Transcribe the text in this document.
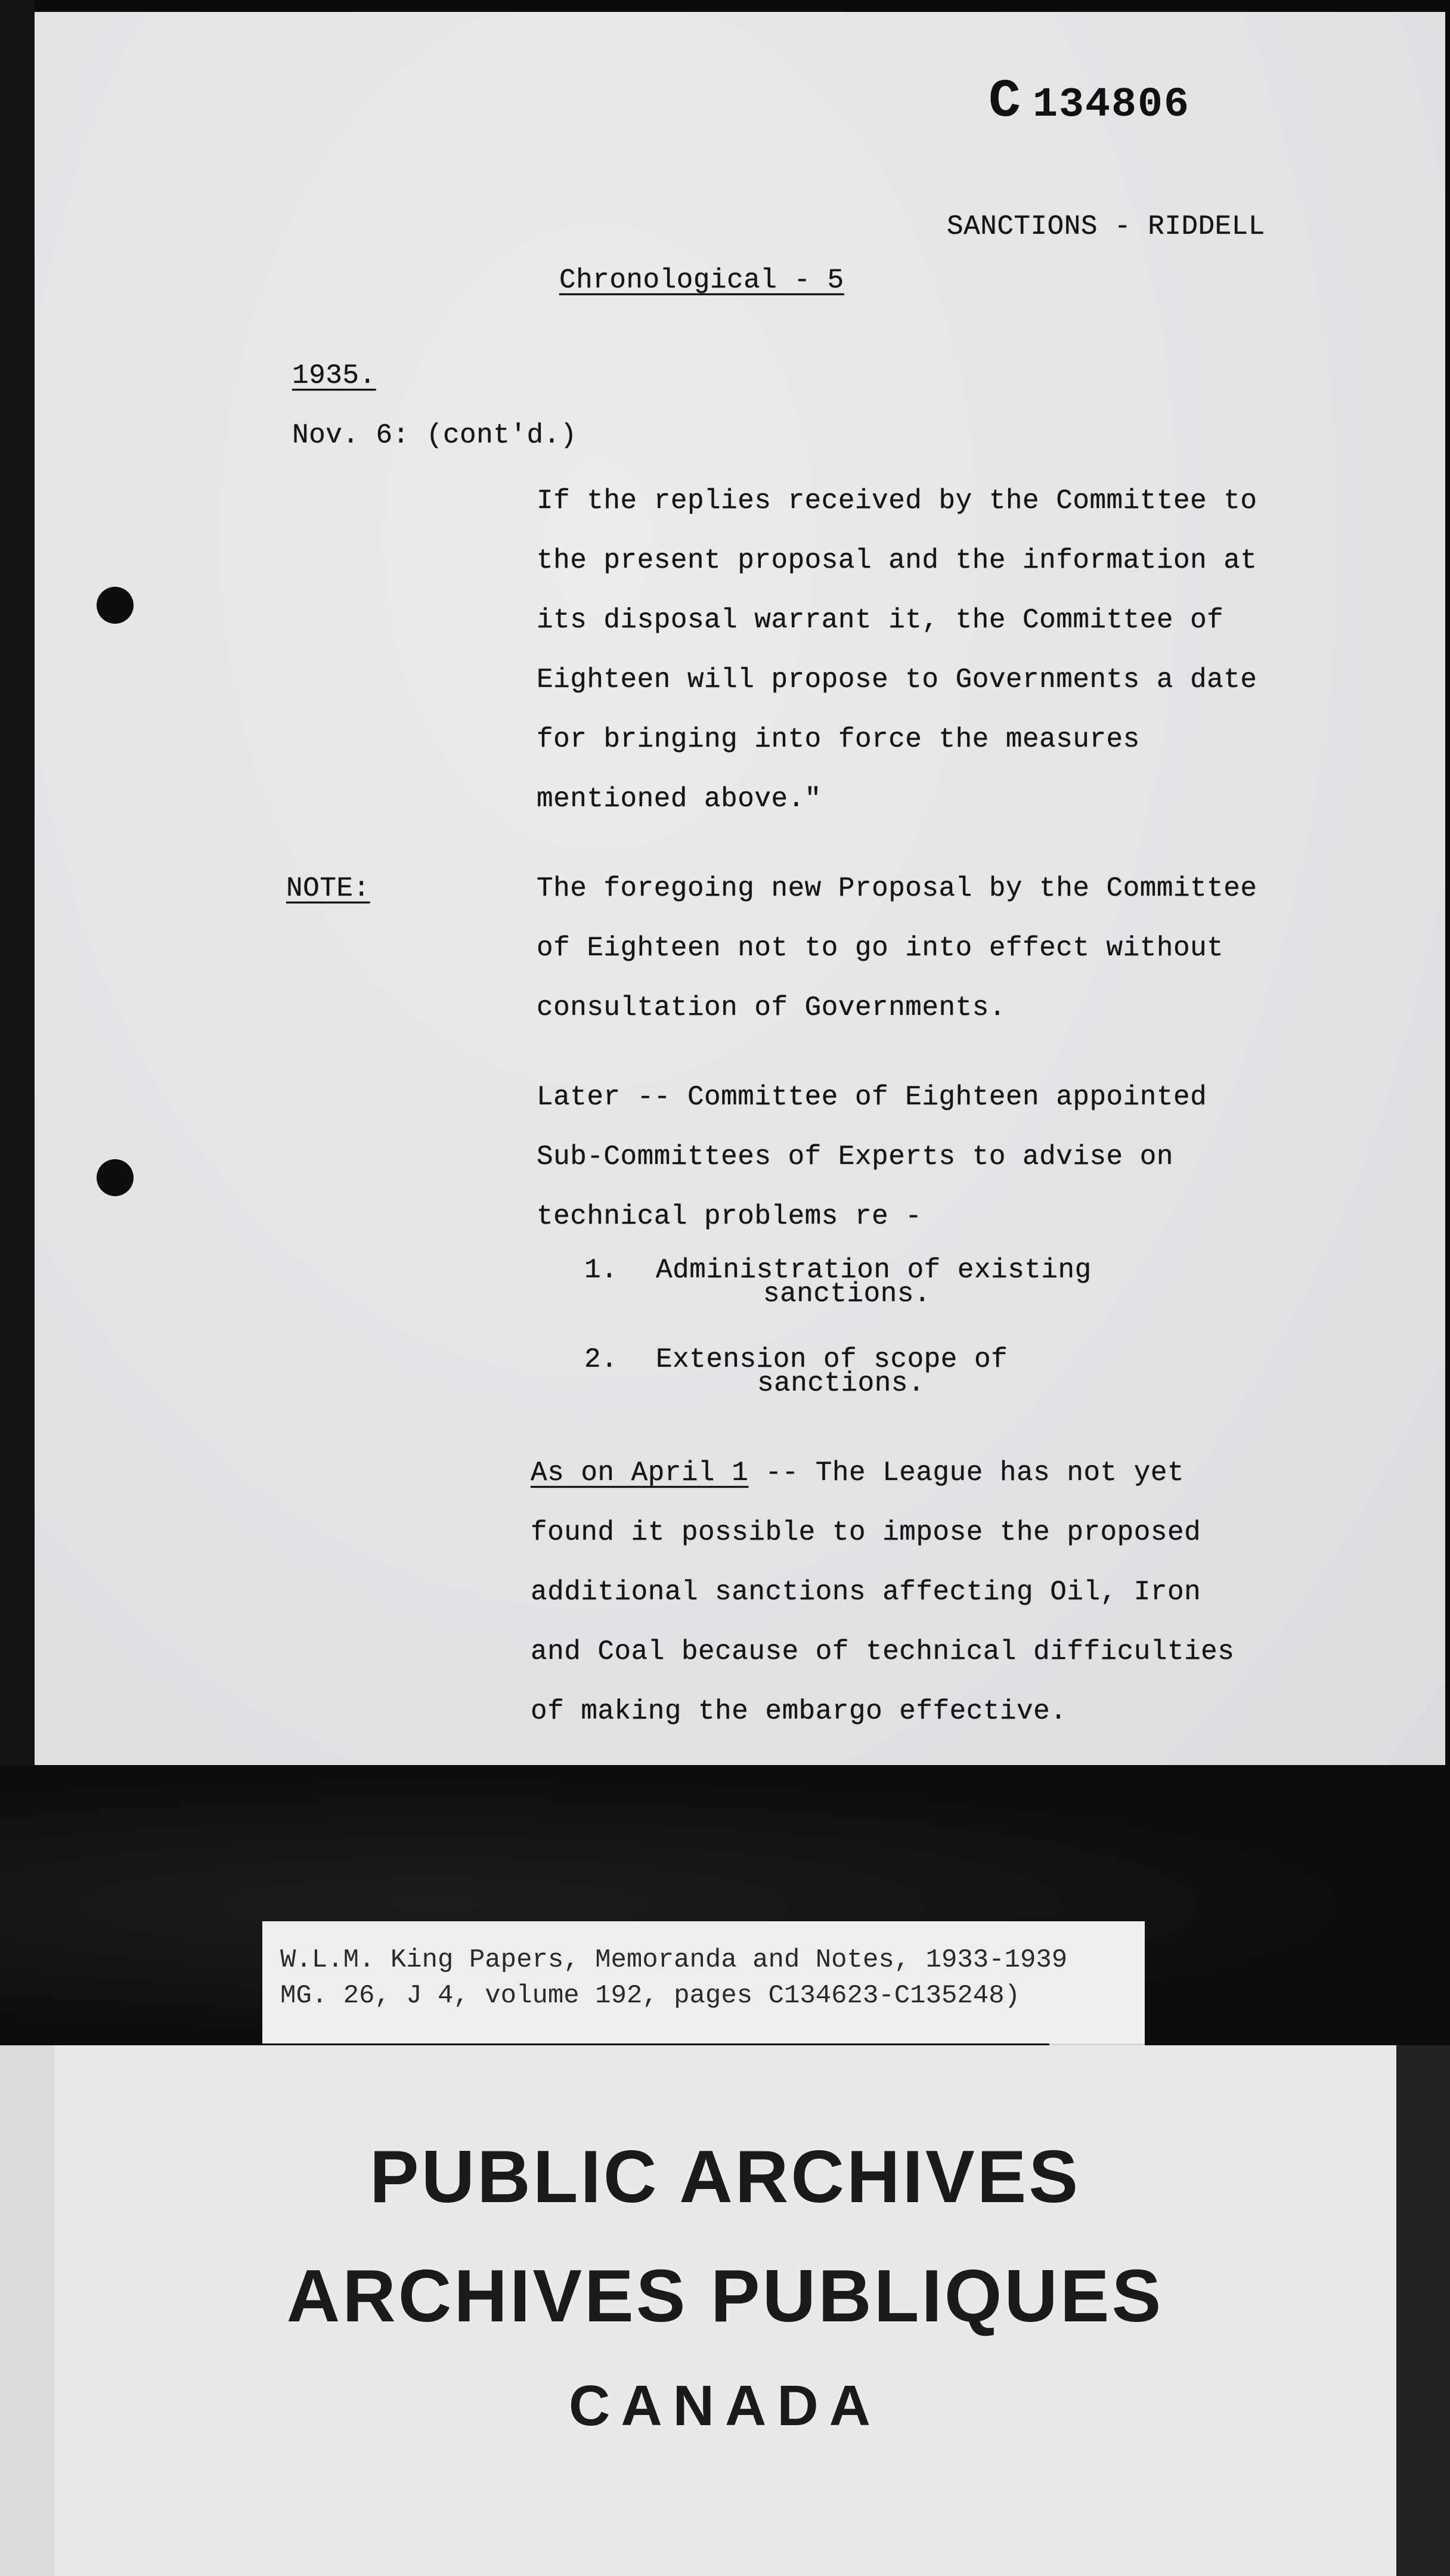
C 134806
SANCTIONS - RIDDELL
Chronological - 5
1935.
Nov. 6: (cont'd.)
If the replies received by the Committee to
the present proposal and the information at
its disposal warrant it, the Committee of
Eighteen will propose to Governments a date
for bringing into force the measures
mentioned above."
NOTE:	The foregoing new Proposal by the Committee
of Eighteen not to go into effect without
consultation of Governments.
Later -- Committee of Eighteen appointed
Sub-Committees of Experts to advise on
technical problems re -
1. Administration of existing
sanctions.
2. Extension of scope of
sanctions.
As on April 1 -- The League has not yet
found it possible to impose the proposed
additional sanctions affecting Oil, Iron
and Coal because of technical difficulties
of making the embargo effective.
W.L.M. King Papers, Memoranda and Notes, 1933-1939
MG. 26, J 4, volume 192, pages C134623-C135248)
PUBLIC ARCHIVES
ARCHIVES PUBLIQUES
CANADA
